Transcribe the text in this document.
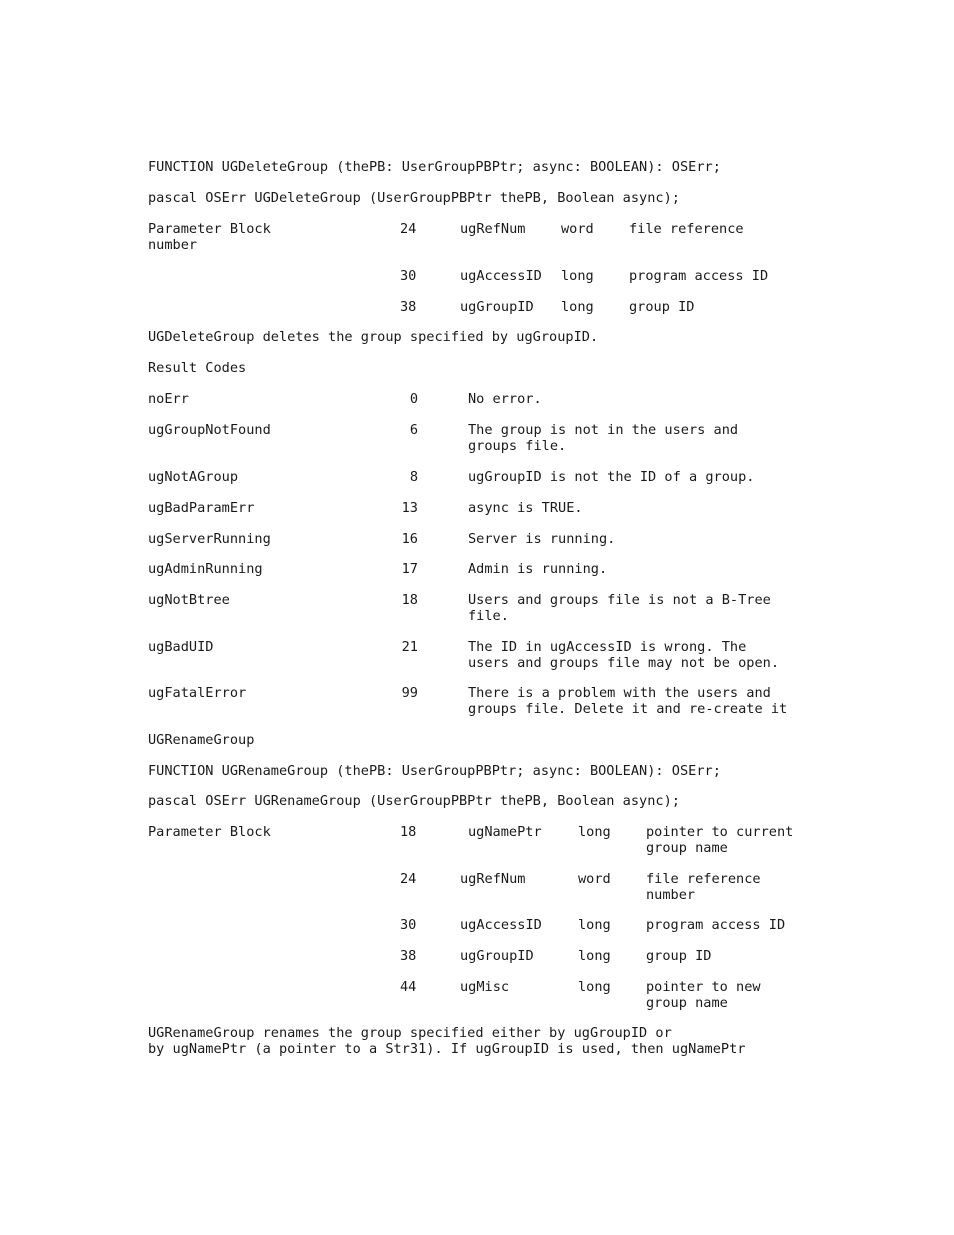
FUNCTION UGDeleteGroup (thePB: UserGroupPBPtr; async: BOOLEAN): OSErr;
pascal OSErr UGDeleteGroup (UserGroupPBPtr thePB, Boolean async);
Parameter Block	24	ugRefNum	word	file reference
number
30	ugAccessID long	program access ID
38	ugGroupID long	group ID
UGDeleteGroup deletes the group specified by ugGroupID.
Result Codes
noErr	0	No error.
ugGroupNotFound	6	The group is not in the users and
groups file.
ugNotAGroup	8	ugGroupID is not the ID of a group.
ugBadParamErr	13	async is TRUE.
ugServerRunning	16	Server is running.
ugAdminRunning	17	Admin is running.
ugNotBtree	18	Users and groups file is not a B-Tree
file.
ugBadUID	21	The ID in ugAccessID is wrong. The
users and groups file may not be open.
ugFatalError	99	There is a problem with the users and
groups file. Delete it and re-create it
UGRenameGroup
FUNCTION UGRenameGroup (thePB: UserGroupPBPtr; async: BOOLEAN): OSErr;
pascal OSErr UGRenameGroup (UserGroupPBPtr thePB, Boolean async);
Parameter Block	18	ugNamePtr	long	pointer to current
group name
24	ugRefNum	word	file reference
number
30	ugAccessID	long	program access ID
38	ugGroupID	long	group ID
44	ugMisc	long	pointer to new
group name
UGRenameGroup renames the group specified either by ugGroupID or
by ugNamePtr (a pointer to a Str31). If ugGroupID is used, then ugNamePtr
